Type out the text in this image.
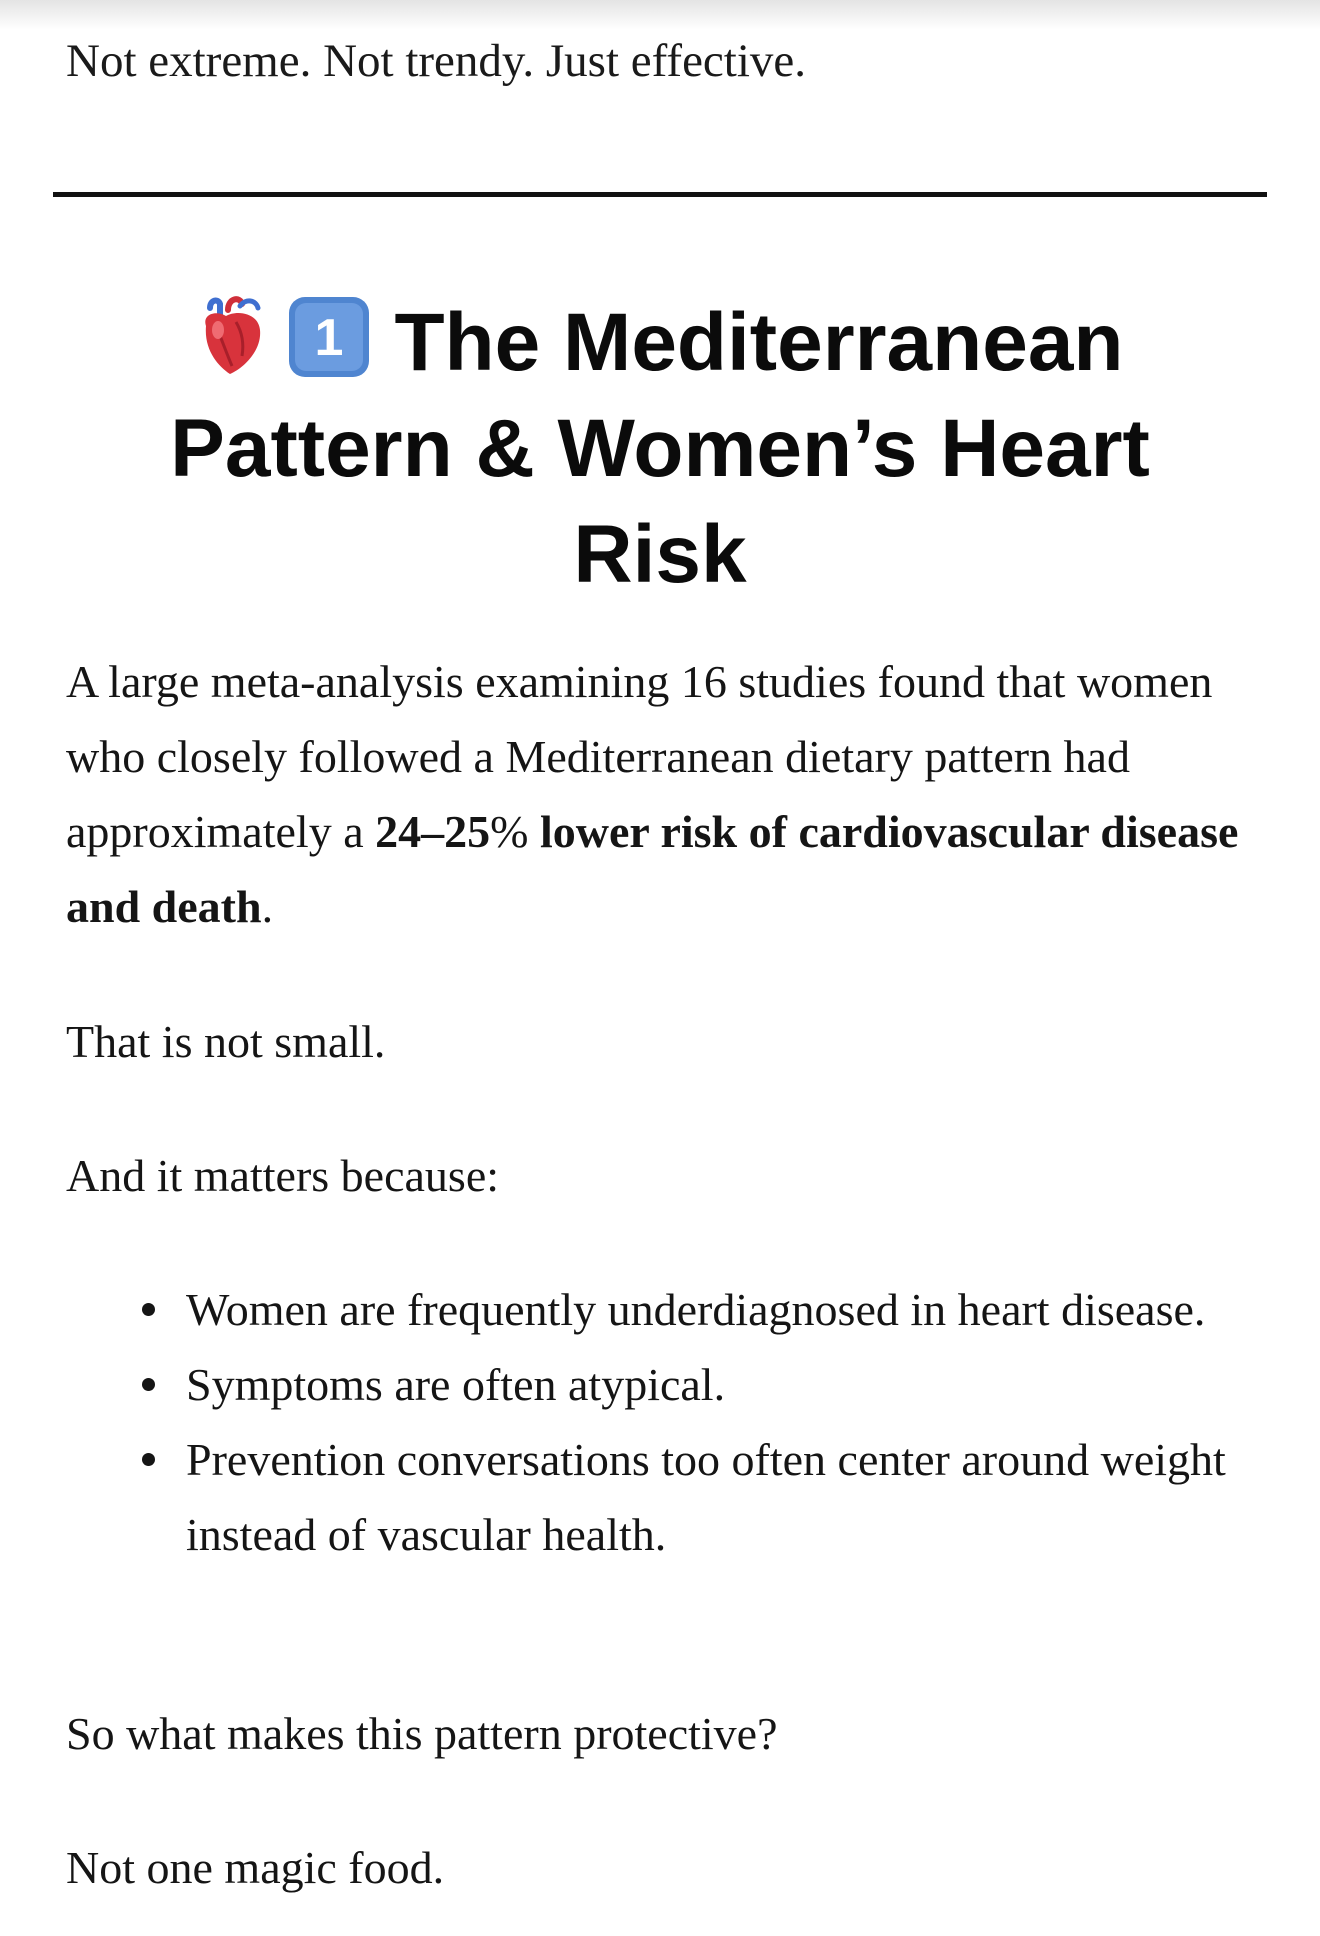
Not extreme. Not trendy. Just effective.

1 The Mediterranean Pattern & Women’s Heart Risk

A large meta-analysis examining 16 studies found that women who closely followed a Mediterranean dietary pattern had approximately a 24–25% lower risk of cardiovascular disease and death.

That is not small.

And it matters because:

Women are frequently underdiagnosed in heart disease.
Symptoms are often atypical.
Prevention conversations too often center around weight instead of vascular health.

So what makes this pattern protective?

Not one magic food.
